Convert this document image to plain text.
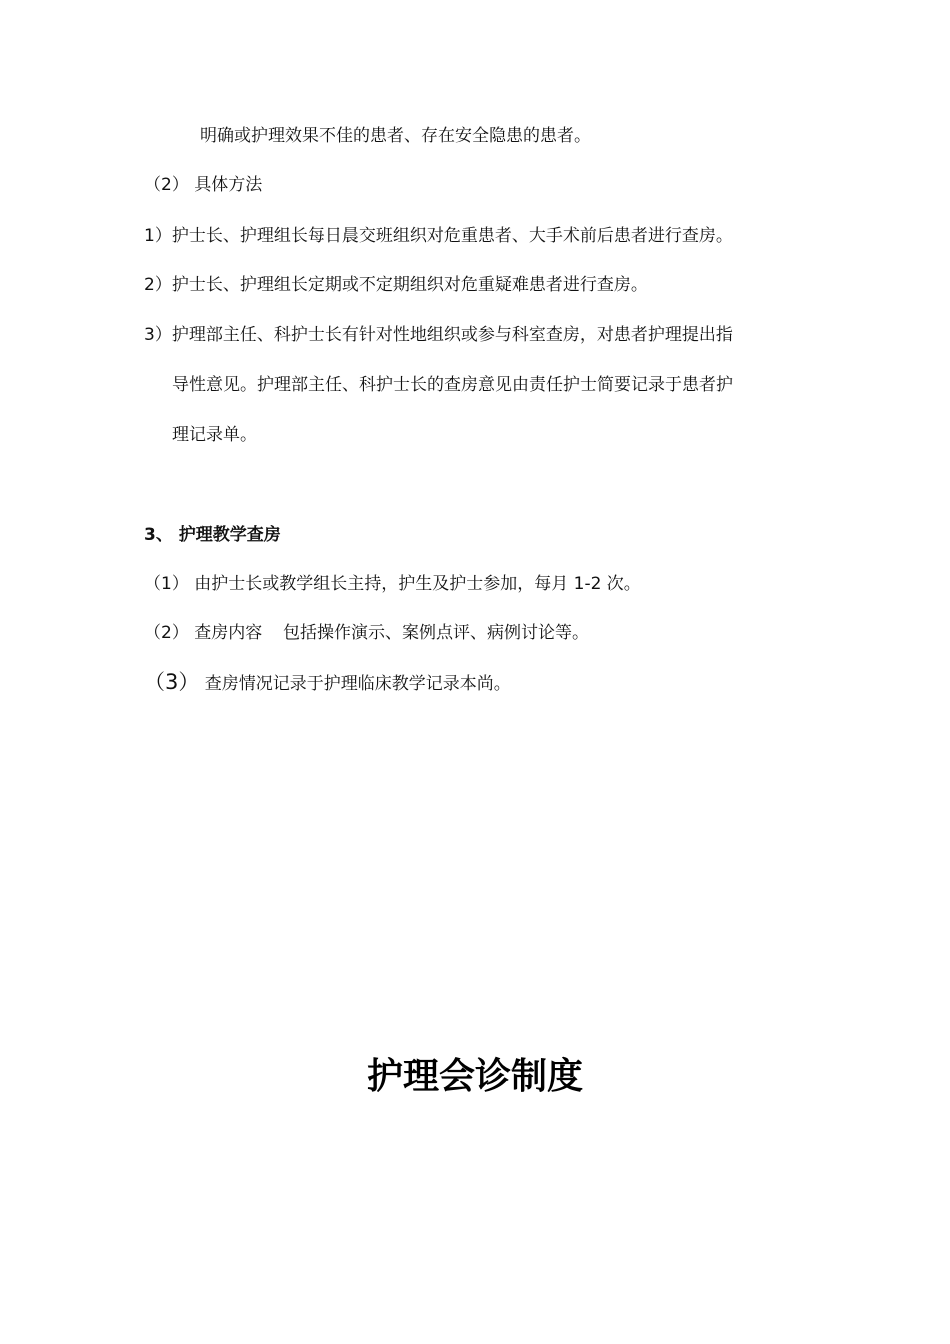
明确或护理效果不佳的患者、存在安全隐患的患者。
（2） 具体方法
1）护士长、护理组长每日晨交班组织对危重患者、大手术前后患者进行查房。
2）护士长、护理组长定期或不定期组织对危重疑难患者进行查房。
3）护理部主任、科护士长有针对性地组织或参与科室查房，对患者护理提出指
导性意见。护理部主任、科护士长的查房意见由责任护士简要记录于患者护
理记录单。
3、 护理教学查房
（1） 由护士长或教学组长主持，护生及护士参加，每月 1-2 次。
（2） 查房内容 包括操作演示、案例点评、病例讨论等。
（3） 查房情况记录于护理临床教学记录本尚。
护理会诊制度
